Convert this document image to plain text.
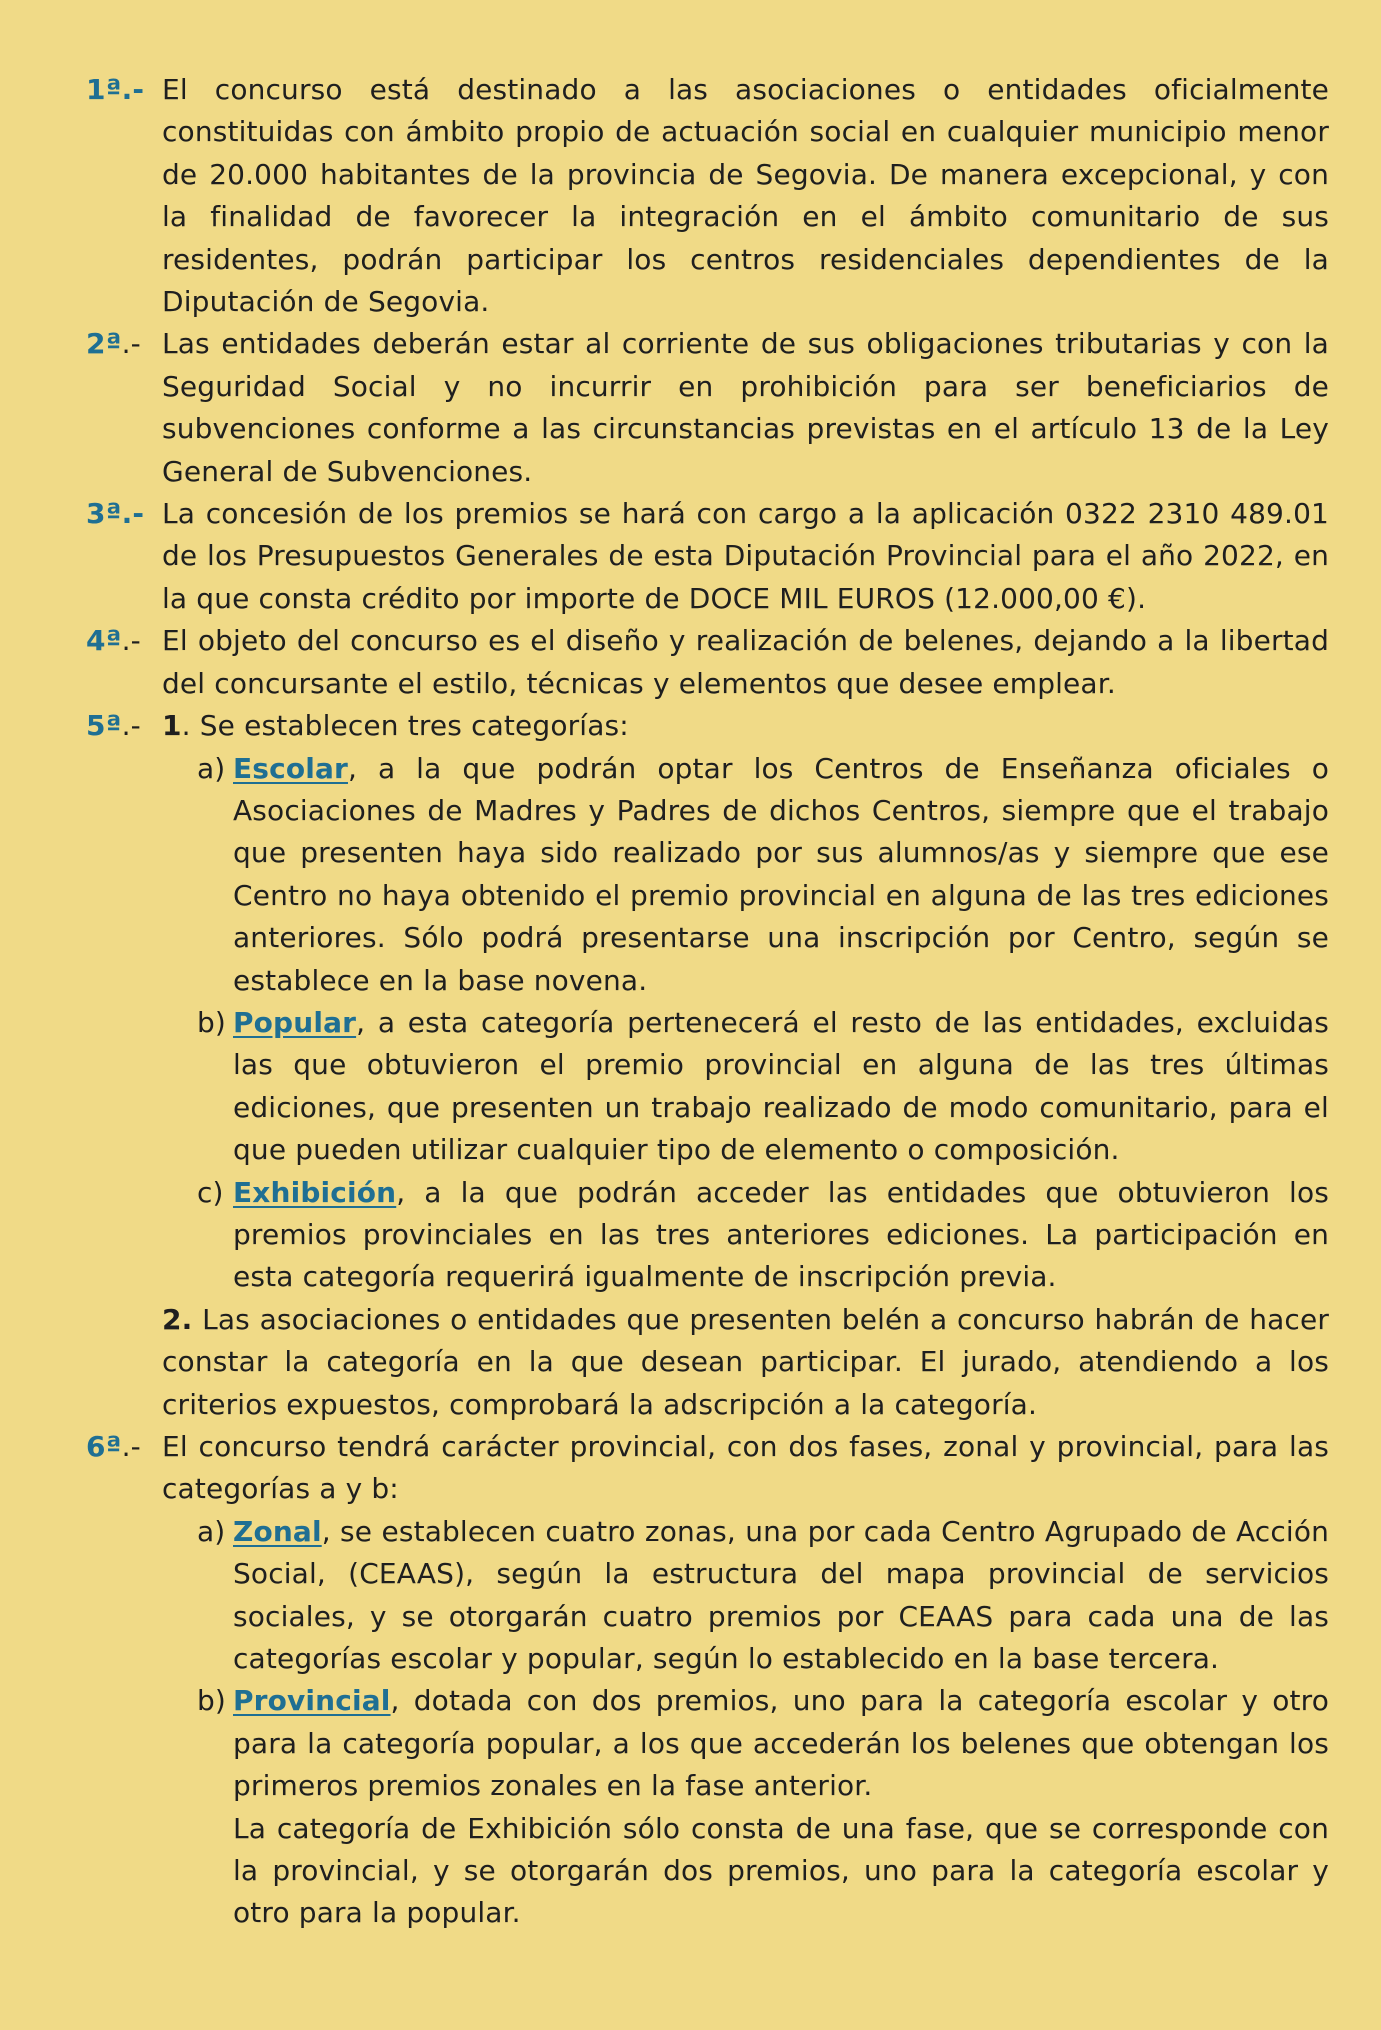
1ª.- El concurso está destinado a las asociaciones o entidades oficialmente constituidas con ámbito propio de actuación social en cualquier municipio menor de 20.000 habitantes de la provincia de Segovia. De manera excepcional, y con la finalidad de favorecer la integración en el ámbito comunitario de sus residentes, podrán participar los centros residenciales dependientes de la Diputación de Segovia.
2ª.- Las entidades deberán estar al corriente de sus obligaciones tributarias y con la Seguridad Social y no incurrir en prohibición para ser beneficiarios de subvenciones conforme a las circunstancias previstas en el artículo 13 de la Ley General de Subvenciones.
3ª.- La concesión de los premios se hará con cargo a la aplicación 0322 2310 489.01 de los Presupuestos Generales de esta Diputación Provincial para el año 2022, en la que consta crédito por importe de DOCE MIL EUROS (12.000,00 €).
4ª.- El objeto del concurso es el diseño y realización de belenes, dejando a la libertad del concursante el estilo, técnicas y elementos que desee emplear.
5ª.- 1. Se establecen tres categorías:
a) Escolar, a la que podrán optar los Centros de Enseñanza oficiales o Asociaciones de Madres y Padres de dichos Centros, siempre que el trabajo que presenten haya sido realizado por sus alumnos/as y siempre que ese Centro no haya obtenido el premio provincial en alguna de las tres ediciones anteriores. Sólo podrá presentarse una inscripción por Centro, según se establece en la base novena.
b) Popular, a esta categoría pertenecerá el resto de las entidades, excluidas las que obtuvieron el premio provincial en alguna de las tres últimas ediciones, que presenten un trabajo realizado de modo comunitario, para el que pueden utilizar cualquier tipo de elemento o composición.
c) Exhibición, a la que podrán acceder las entidades que obtuvieron los premios provinciales en las tres anteriores ediciones. La participación en esta categoría requerirá igualmente de inscripción previa.
2. Las asociaciones o entidades que presenten belén a concurso habrán de hacer constar la categoría en la que desean participar. El jurado, atendiendo a los criterios expuestos, comprobará la adscripción a la categoría.
6ª.- El concurso tendrá carácter provincial, con dos fases, zonal y provincial, para las categorías a y b:
a) Zonal, se establecen cuatro zonas, una por cada Centro Agrupado de Acción Social, (CEAAS), según la estructura del mapa provincial de servicios sociales, y se otorgarán cuatro premios por CEAAS para cada una de las categorías escolar y popular, según lo establecido en la base tercera.
b) Provincial, dotada con dos premios, uno para la categoría escolar y otro para la categoría popular, a los que accederán los belenes que obtengan los primeros premios zonales en la fase anterior.
La categoría de Exhibición sólo consta de una fase, que se corresponde con la provincial, y se otorgarán dos premios, uno para la categoría escolar y otro para la popular.
